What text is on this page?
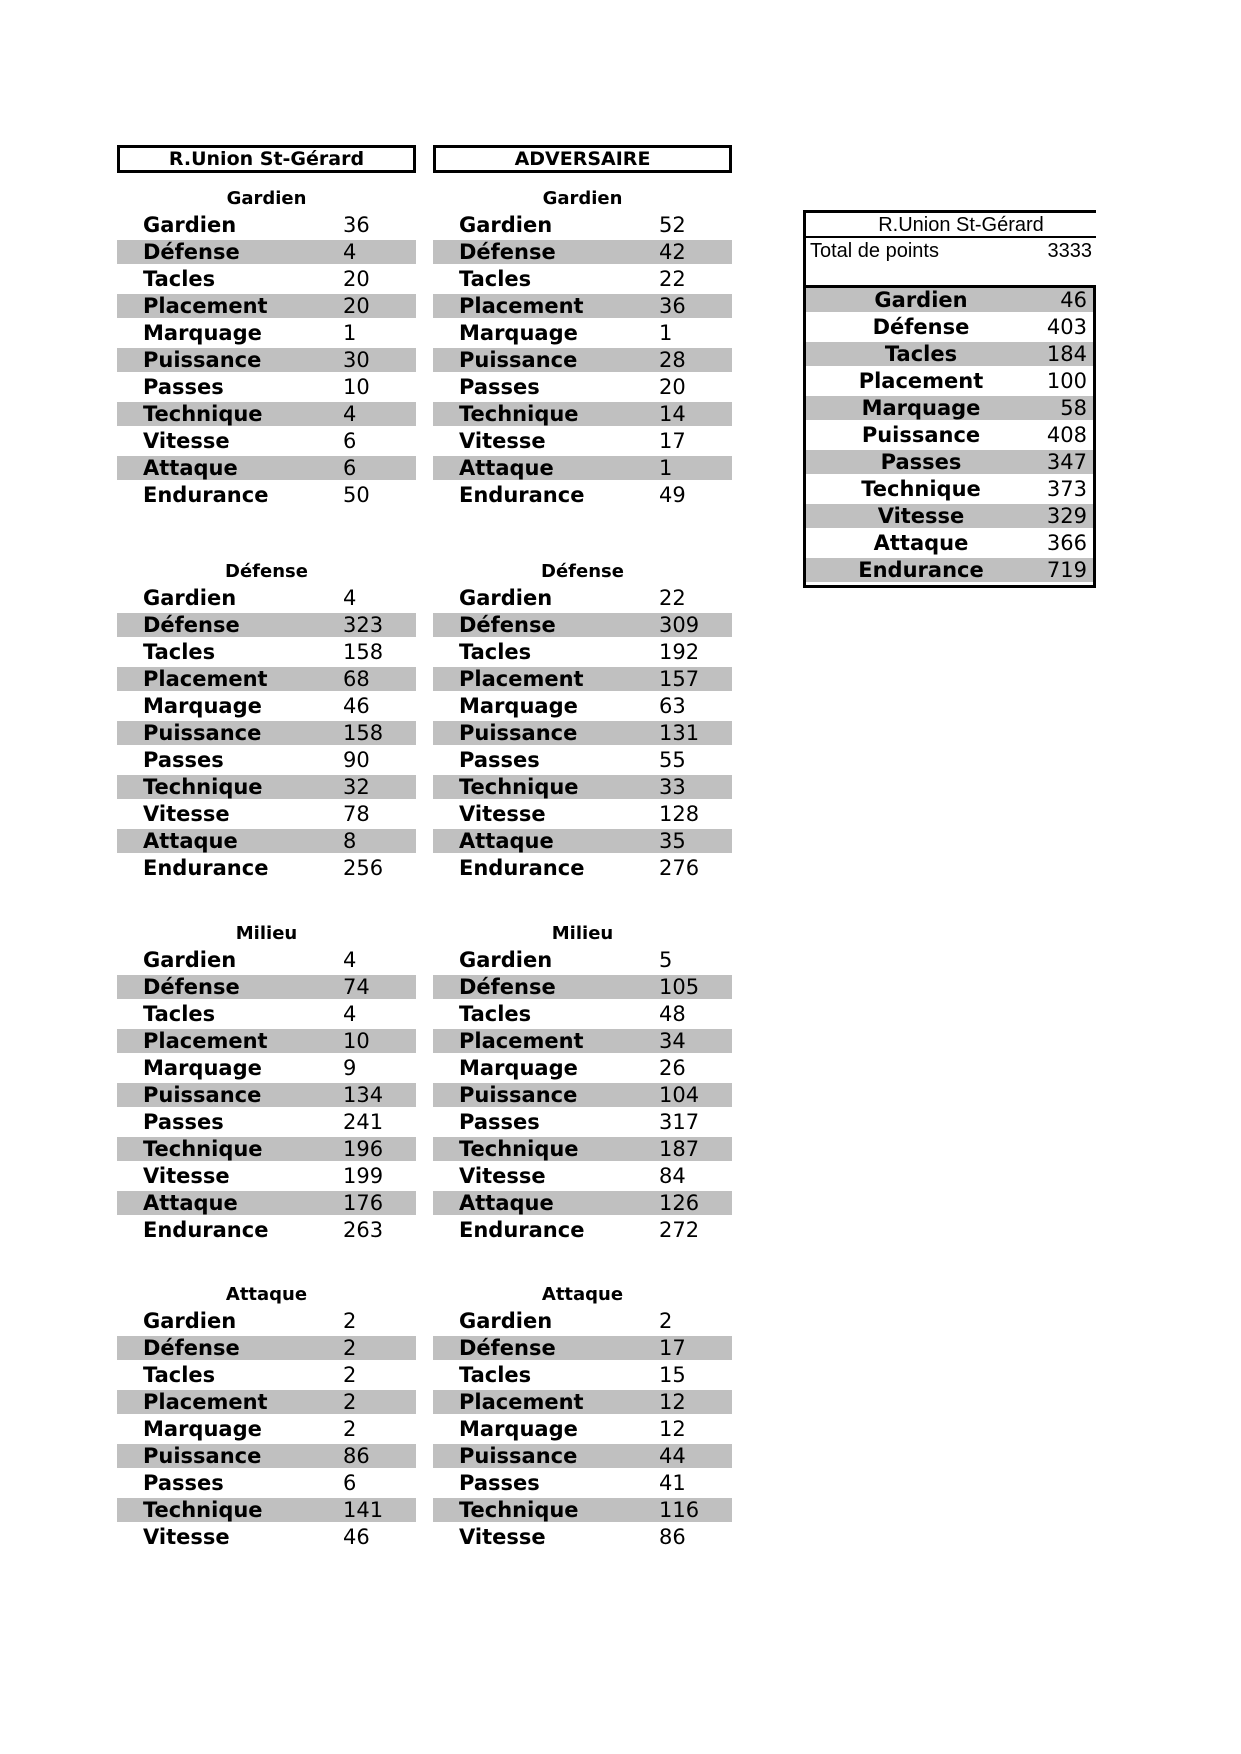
R.Union St-Gérard	ADVERSAIRE
Gardien
Gardien	36
Défense	4
Tacles	20
Placement	20
Marquage	1
Puissance	30
Passes	10
Technique	4
Vitesse	6
Attaque	6
Endurance	50
Gardien
Gardien	52
Défense	42
Tacles	22
Placement	36
Marquage	1
Puissance	28
Passes	20
Technique	14
Vitesse	17
Attaque	1
Endurance	49
Défense
Gardien	4
Défense	323
Tacles	158
Placement	68
Marquage	46
Puissance	158
Passes	90
Technique	32
Vitesse	78
Attaque	8
Endurance	256
Défense
Gardien	22
Défense	309
Tacles	192
Placement	157
Marquage	63
Puissance	131
Passes	55
Technique	33
Vitesse	128
Attaque	35
Endurance	276
Milieu
Gardien	4
Défense	74
Tacles	4
Placement	10
Marquage	9
Puissance	134
Passes	241
Technique	196
Vitesse	199
Attaque	176
Endurance	263
Milieu
Gardien	5
Défense	105
Tacles	48
Placement	34
Marquage	26
Puissance	104
Passes	317
Technique	187
Vitesse	84
Attaque	126
Endurance	272
Attaque
Gardien	2
Défense	2
Tacles	2
Placement	2
Marquage	2
Puissance	86
Passes	6
Technique	141
Vitesse	46
Attaque
Gardien	2
Défense	17
Tacles	15
Placement	12
Marquage	12
Puissance	44
Passes	41
Technique	116
Vitesse	86
R.Union St-Gérard
Total de points	3333
Gardien	46
Défense	403
Tacles	184
Placement	100
Marquage	58
Puissance	408
Passes	347
Technique	373
Vitesse	329
Attaque	366
Endurance	719
